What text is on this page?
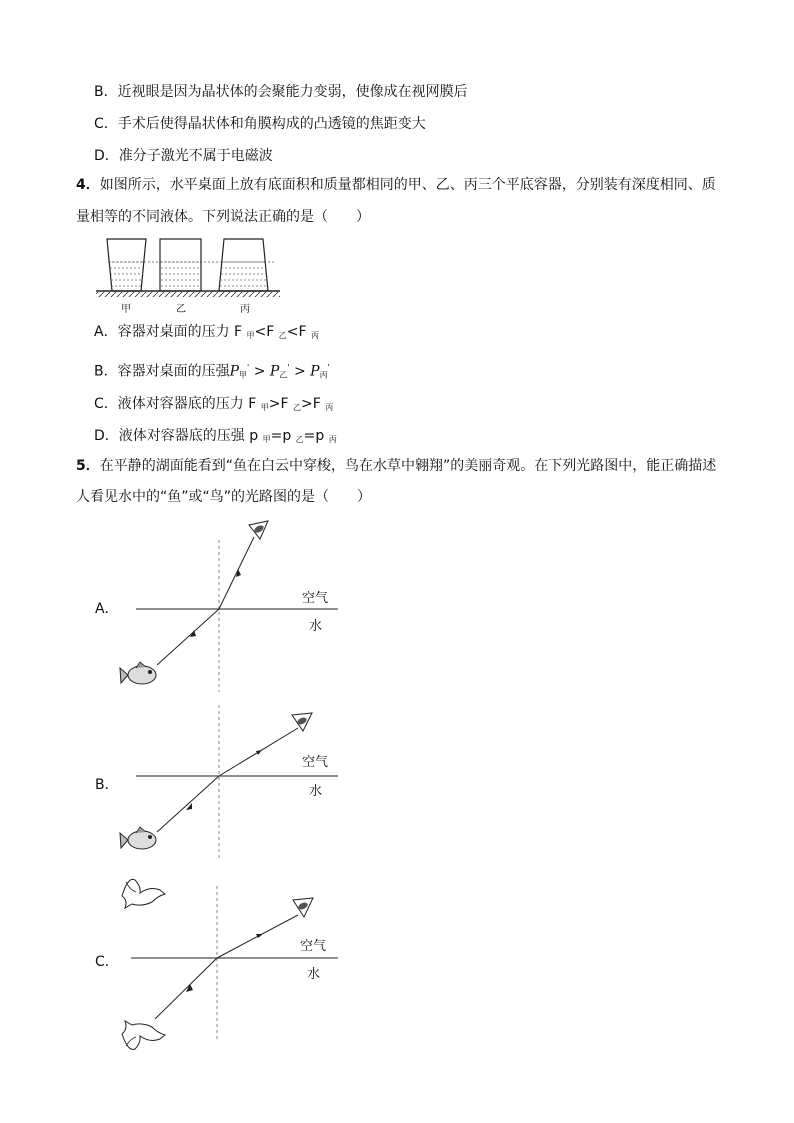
B．近视眼是因为晶状体的会聚能力变弱，使像成在视网膜后
C．手术后使得晶状体和角膜构成的凸透镜的焦距变大
D．准分子激光不属于电磁波
4．如图所示，水平桌面上放有底面积和质量都相同的甲、乙、丙三个平底容器，分别装有深度相同、质
量相等的不同液体。下列说法正确的是（　　）
甲	乙	丙
A．容器对桌面的压力 F $_甲$<F $_乙$<F $_丙$
B．容器对桌面的压强$P_甲' > P_乙' > P_丙'$
C．液体对容器底的压力 F $_甲$>F $_乙$>F $_丙$
D．液体对容器底的压强 p $_甲$=p $_乙$=p $_丙$
5．在平静的湖面能看到“鱼在白云中穿梭，鸟在水草中翱翔”的美丽奇观。在下列光路图中，能正确描述
人看见水中的“鱼”或“鸟”的光路图的是（　　）
A．
空气
水
B．
空气
水
C．
空气
水
